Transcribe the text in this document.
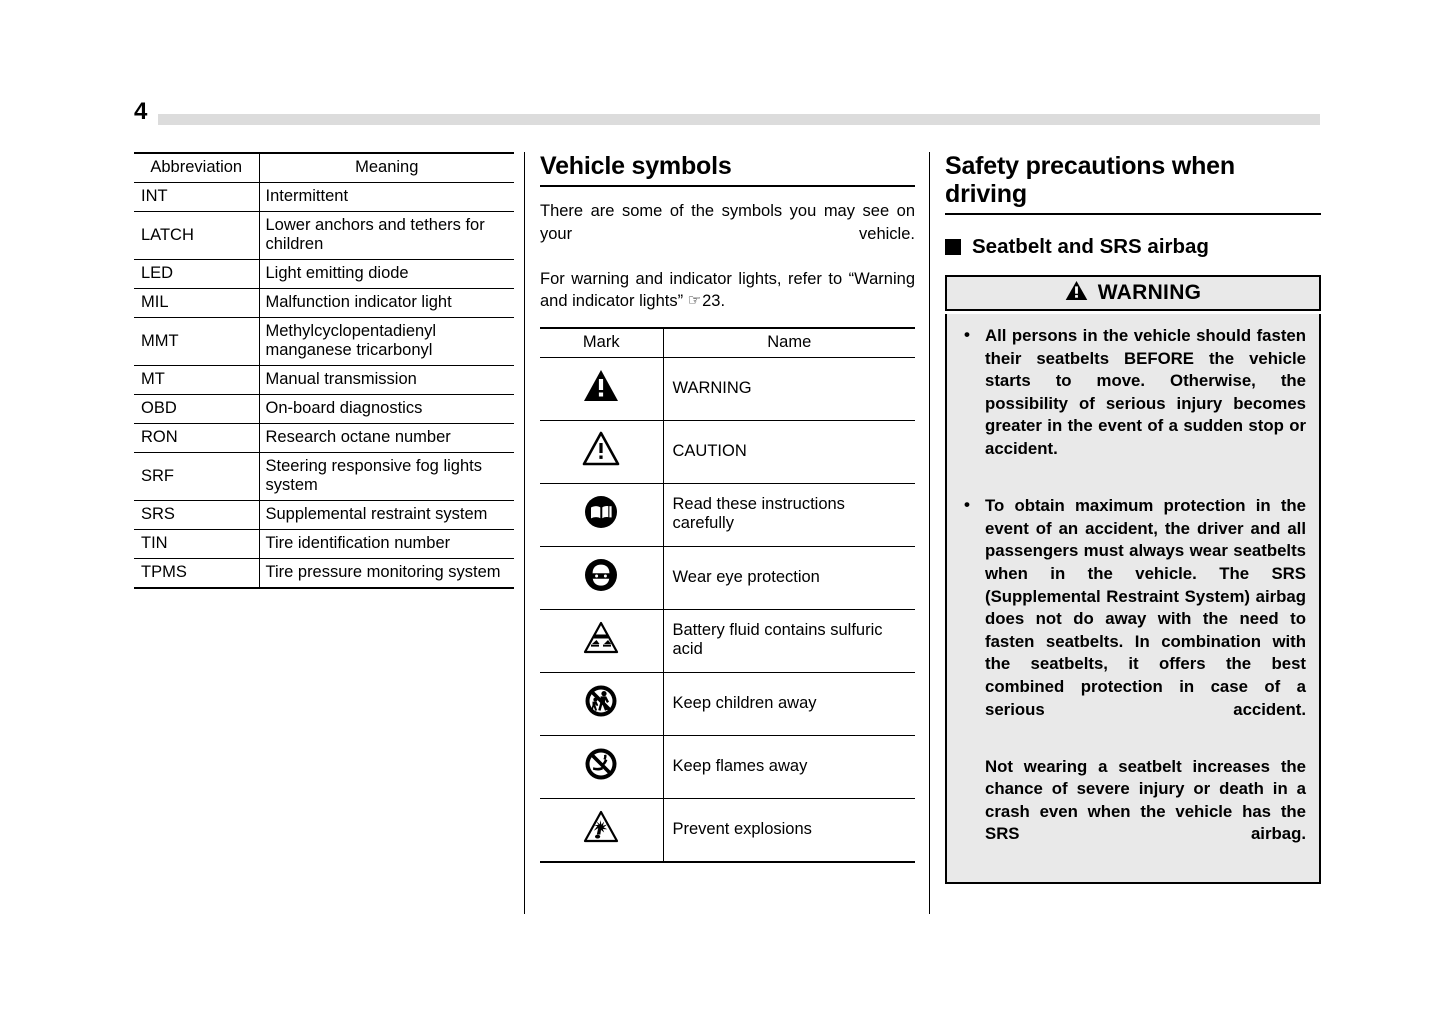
4
Abbreviation	Meaning
INT	Intermittent
LATCH	Lower anchors and tethers for children
LED	Light emitting diode
MIL	Malfunction indicator light
MMT	Methylcyclopentadienyl manganese tricarbonyl
MT	Manual transmission
OBD	On-board diagnostics
RON	Research octane number
SRF	Steering responsive fog lights system
SRS	Supplemental restraint system
TIN	Tire identification number
TPMS	Tire pressure monitoring system
Vehicle symbols

There are some of the symbols you may see on your vehicle.

For warning and indicator lights, refer to “Warning and indicator lights” ☞23.

Mark	Name
	WARNING
	CAUTION
	Read these instructions carefully
	Wear eye protection
	Battery fluid contains sulfuric acid
	Keep children away
	Keep flames away
	Prevent explosions
Safety precautions when driving
Seatbelt and SRS airbag
WARNING
• All persons in the vehicle should fasten their seatbelts BEFORE the vehicle starts to move. Otherwise, the possibility of serious injury becomes greater in the event of a sudden stop or accident.
• To obtain maximum protection in the event of an accident, the driver and all passengers must always wear seatbelts when in the vehicle. The SRS (Supplemental Restraint System) airbag does not do away with the need to fasten seatbelts. In combination with the seatbelts, it offers the best combined protection in case of a serious accident.

Not wearing a seatbelt increases the chance of severe injury or death in a crash even when the vehicle has the SRS airbag.
